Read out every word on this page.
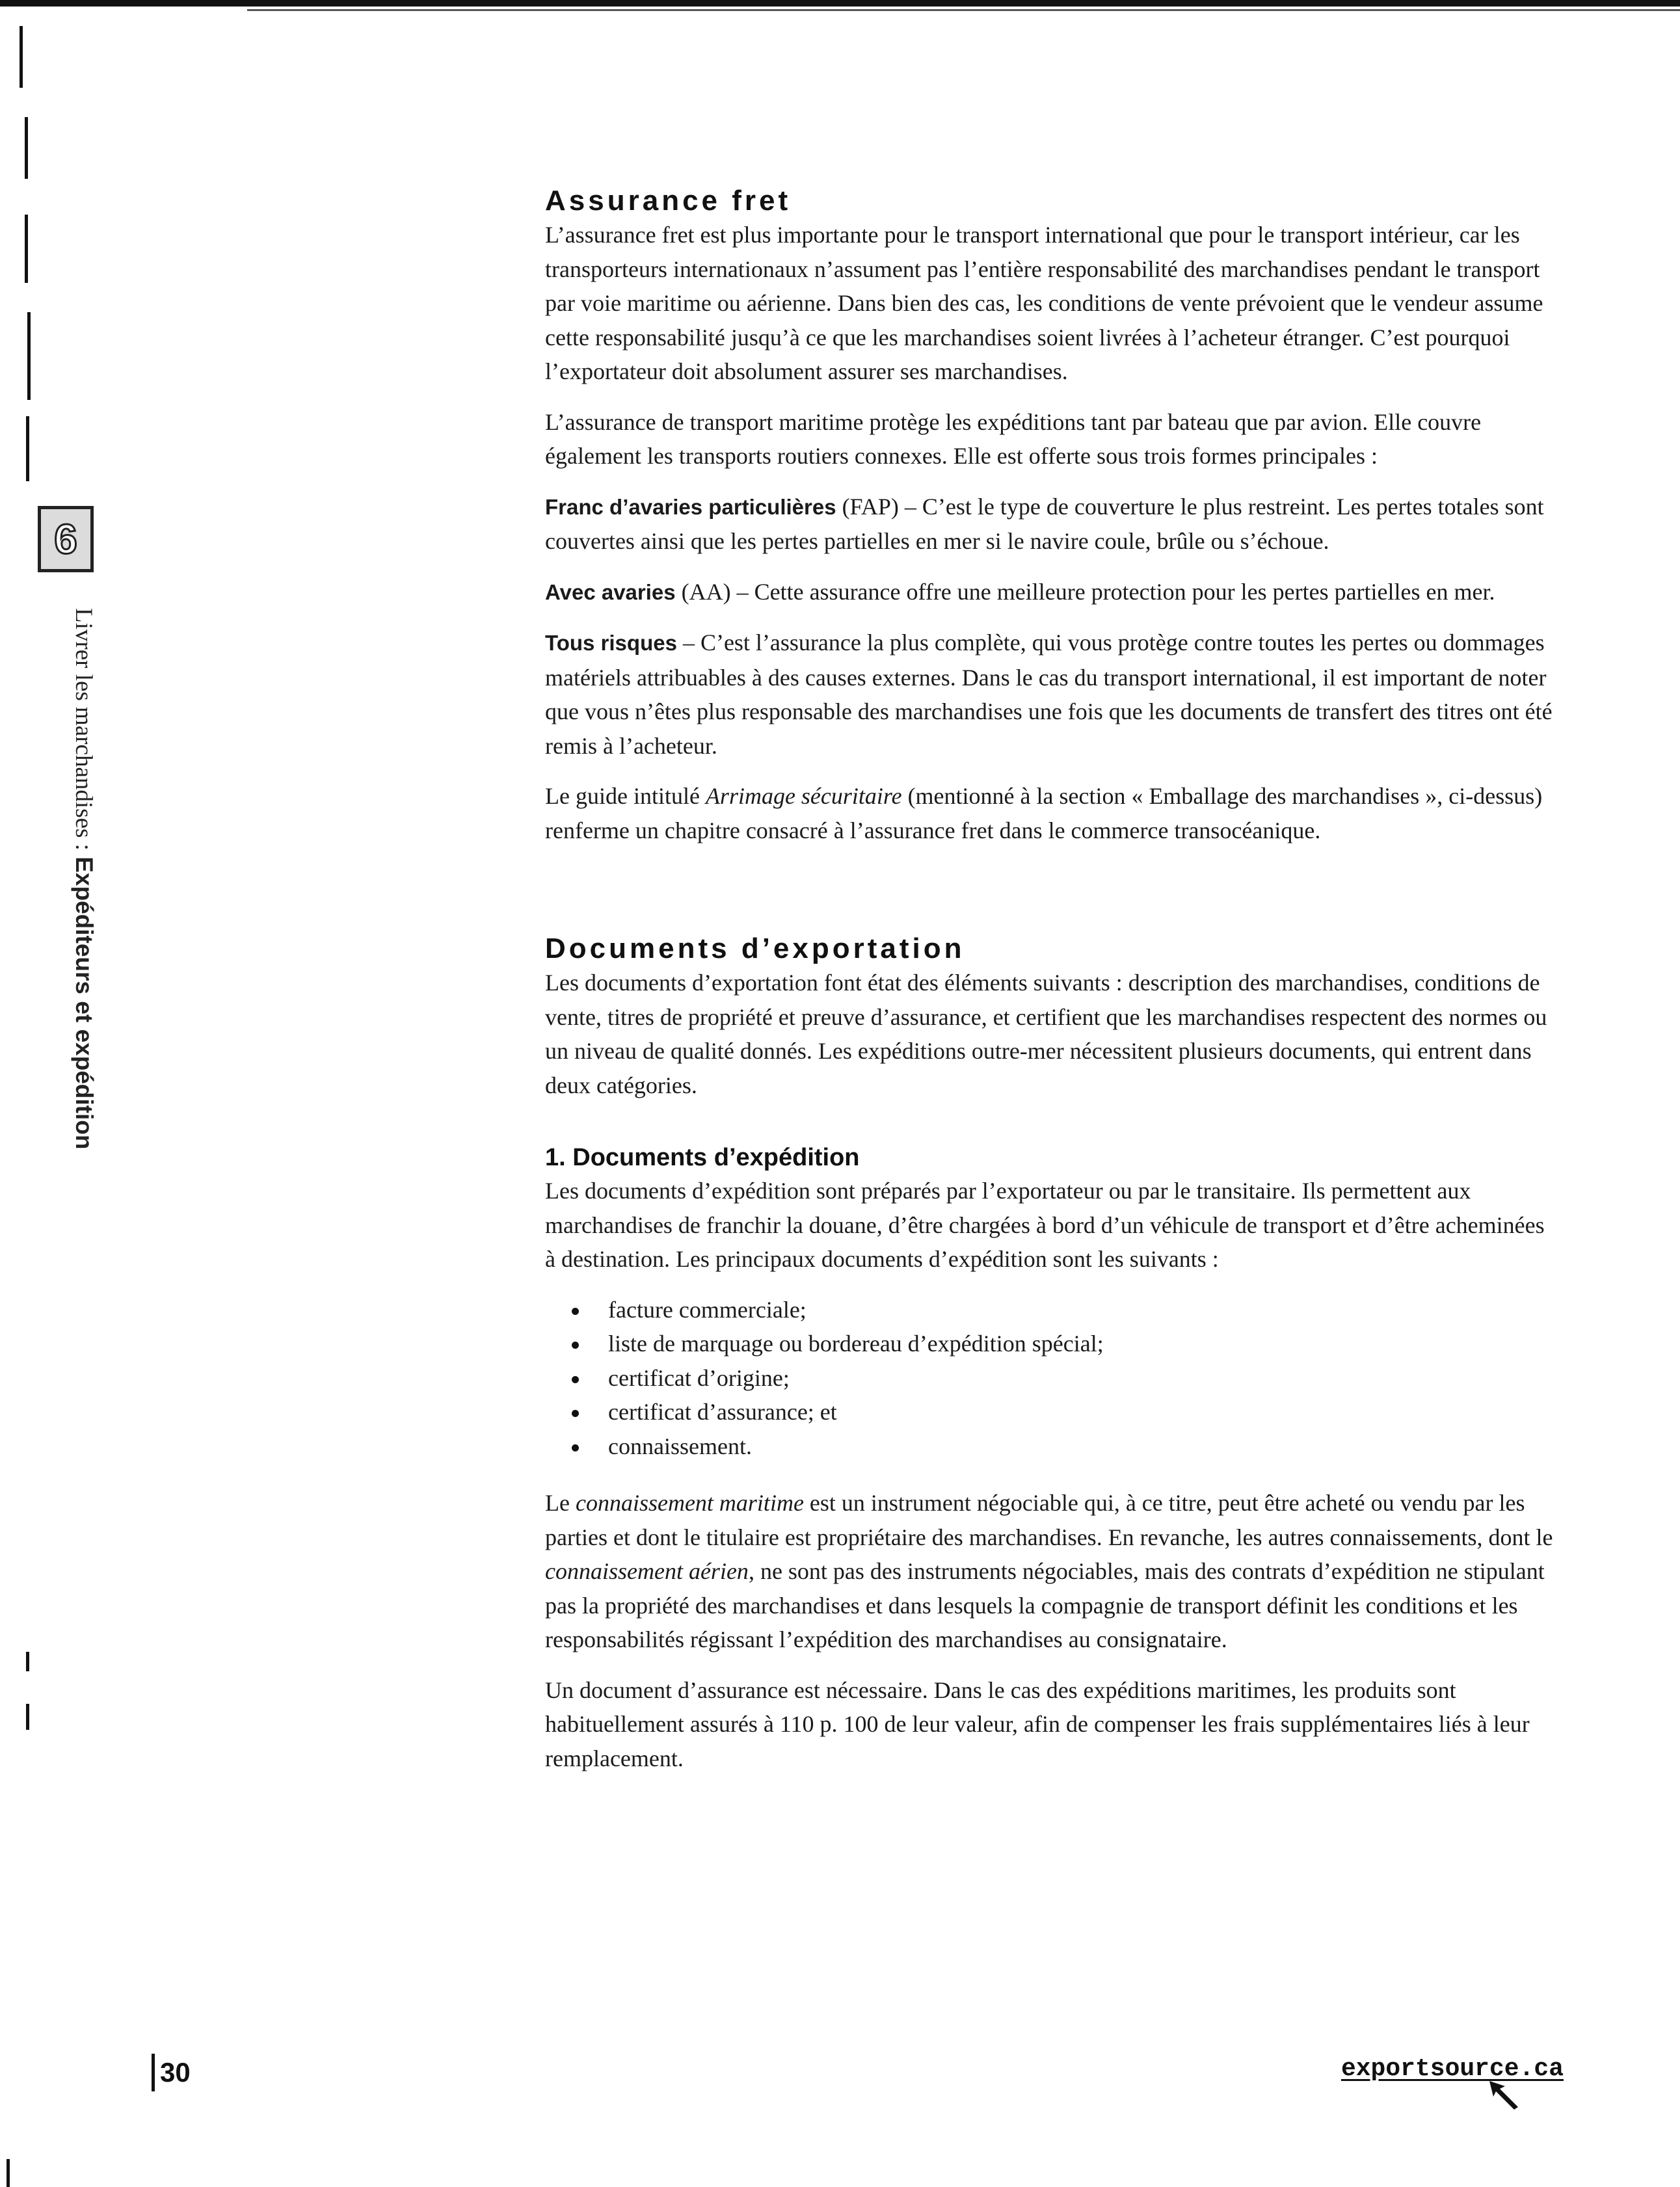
6
Livrer les marchandises : Expéditeurs et expédition
Assurance fret

L’assurance fret est plus importante pour le transport international que pour le transport intérieur, car les transporteurs internationaux n’assument pas l’entière responsabilité des marchandises pendant le transport par voie maritime ou aérienne. Dans bien des cas, les conditions de vente prévoient que le vendeur assume cette responsabilité jusqu’à ce que les marchandises soient livrées à l’acheteur étranger. C’est pourquoi l’exportateur doit absolument assurer ses marchandises.

L’assurance de transport maritime protège les expéditions tant par bateau que par avion. Elle couvre également les transports routiers connexes. Elle est offerte sous trois formes principales :

Franc d’avaries particulières (FAP) – C’est le type de couverture le plus restreint. Les pertes totales sont couvertes ainsi que les pertes partielles en mer si le navire coule, brûle ou s’échoue.

Avec avaries (AA) – Cette assurance offre une meilleure protection pour les pertes partielles en mer.

Tous risques – C’est l’assurance la plus complète, qui vous protège contre toutes les pertes ou dommages matériels attribuables à des causes externes. Dans le cas du transport international, il est important de noter que vous n’êtes plus responsable des marchandises une fois que les documents de transfert des titres ont été remis à l’acheteur.

Le guide intitulé Arrimage sécuritaire (mentionné à la section « Emballage des marchandises », ci-dessus) renferme un chapitre consacré à l’assurance fret dans le commerce transocéanique.

Documents d’exportation

Les documents d’exportation font état des éléments suivants : description des marchandises, conditions de vente, titres de propriété et preuve d’assurance, et certifient que les marchandises respectent des normes ou un niveau de qualité donnés. Les expéditions outre-mer nécessitent plusieurs documents, qui entrent dans deux catégories.

1. Documents d’expédition

Les documents d’expédition sont préparés par l’exportateur ou par le transitaire. Ils permettent aux marchandises de franchir la douane, d’être chargées à bord d’un véhicule de transport et d’être acheminées à destination. Les principaux documents d’expédition sont les suivants :

facture commerciale;
liste de marquage ou bordereau d’expédition spécial;
certificat d’origine;
certificat d’assurance; et
connaissement.

Le connaissement maritime est un instrument négociable qui, à ce titre, peut être acheté ou vendu par les parties et dont le titulaire est propriétaire des marchandises. En revanche, les autres connaissements, dont le connaissement aérien, ne sont pas des instruments négociables, mais des contrats d’expédition ne stipulant pas la propriété des marchandises et dans lesquels la compagnie de transport définit les conditions et les responsabilités régissant l’expédition des marchandises au consignataire.

Un document d’assurance est nécessaire. Dans le cas des expéditions maritimes, les produits sont habituellement assurés à 110 p. 100 de leur valeur, afin de compenser les frais supplémentaires liés à leur remplacement.

30	exportsource.ca
